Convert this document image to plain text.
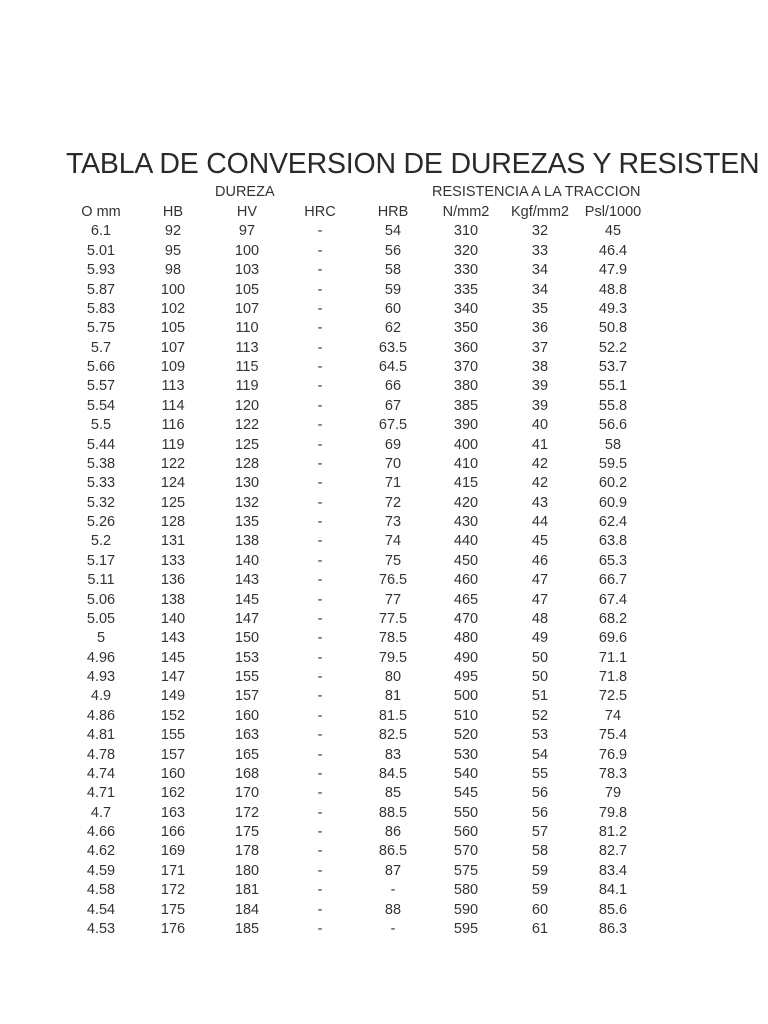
TABLA DE CONVERSION DE DUREZAS Y RESISTEN
DUREZA	RESISTENCIA A LA TRACCION
O mm	HB	HV	HRC	HRB	N/mm2	Kgf/mm2	Psl/1000
6.1	92	97	-	54	310	32	45
5.01	95	100	-	56	320	33	46.4
5.93	98	103	-	58	330	34	47.9
5.87	100	105	-	59	335	34	48.8
5.83	102	107	-	60	340	35	49.3
5.75	105	110	-	62	350	36	50.8
5.7	107	113	-	63.5	360	37	52.2
5.66	109	115	-	64.5	370	38	53.7
5.57	113	119	-	66	380	39	55.1
5.54	114	120	-	67	385	39	55.8
5.5	116	122	-	67.5	390	40	56.6
5.44	119	125	-	69	400	41	58
5.38	122	128	-	70	410	42	59.5
5.33	124	130	-	71	415	42	60.2
5.32	125	132	-	72	420	43	60.9
5.26	128	135	-	73	430	44	62.4
5.2	131	138	-	74	440	45	63.8
5.17	133	140	-	75	450	46	65.3
5.11	136	143	-	76.5	460	47	66.7
5.06	138	145	-	77	465	47	67.4
5.05	140	147	-	77.5	470	48	68.2
5	143	150	-	78.5	480	49	69.6
4.96	145	153	-	79.5	490	50	71.1
4.93	147	155	-	80	495	50	71.8
4.9	149	157	-	81	500	51	72.5
4.86	152	160	-	81.5	510	52	74
4.81	155	163	-	82.5	520	53	75.4
4.78	157	165	-	83	530	54	76.9
4.74	160	168	-	84.5	540	55	78.3
4.71	162	170	-	85	545	56	79
4.7	163	172	-	88.5	550	56	79.8
4.66	166	175	-	86	560	57	81.2
4.62	169	178	-	86.5	570	58	82.7
4.59	171	180	-	87	575	59	83.4
4.58	172	181	-	-	580	59	84.1
4.54	175	184	-	88	590	60	85.6
4.53	176	185	-	-	595	61	86.3
